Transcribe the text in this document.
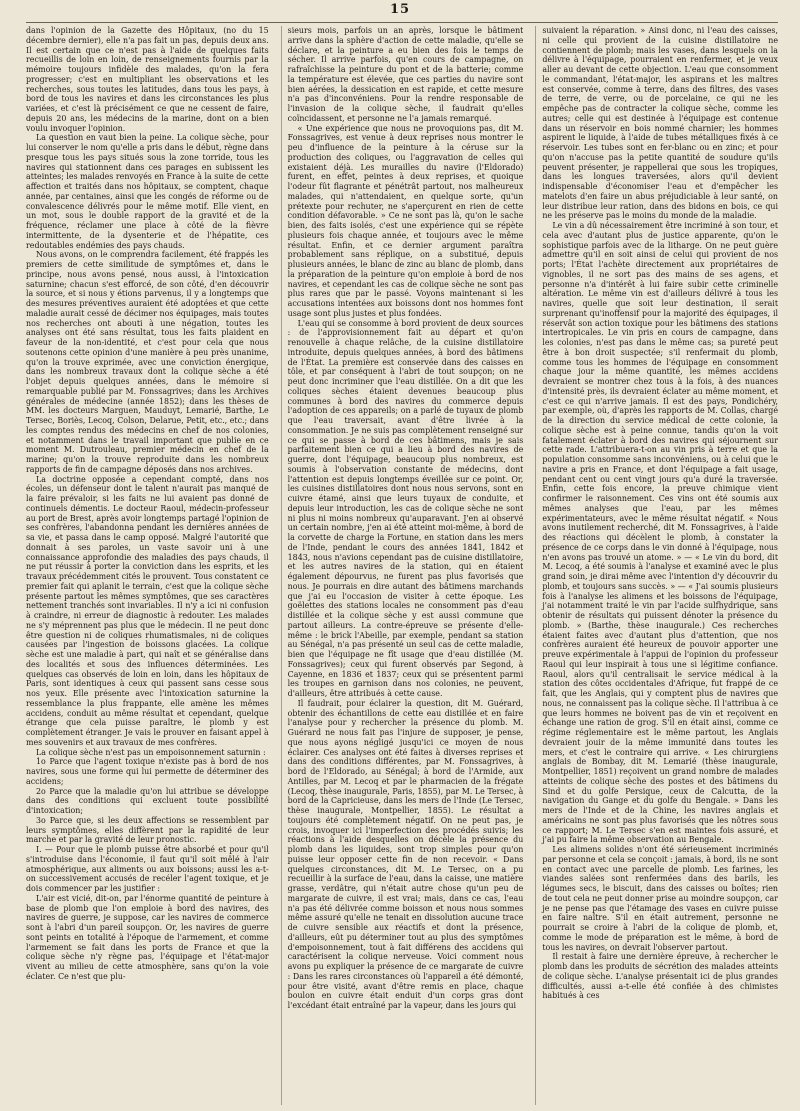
15

dans l'opinion de la Gazette des Hôpitaux, (no du 15 décembre dernier), elle n'a pas fait un pas, depuis deux ans. Il est certain que ce n'est pas à l'aide de quelques faits recueillis de loin en loin, de renseignements fournis par la mémoire toujours infidèle des malades, qu'on la fera progresser; c'est en multipliant les observations et les recherches, sous toutes les latitudes, dans tous les pays, à bord de tous les navires et dans les circonstances les plus variées, et c'est là précisément ce que ne cessent de faire, depuis 20 ans, les médecins de la marine, dont on a bien voulu invoquer l'opinion.

La question en vaut bien la peine. La colique sèche, pour lui conserver le nom qu'elle a pris dans le début, règne dans presque tous les pays situés sous la zone torride, tous les navires qui stationnent dans ces parages en subissent les atteintes; les malades renvoyés en France à la suite de cette affection et traités dans nos hôpitaux, se comptent, chaque année, par centaines, ainsi que les congés de réforme ou de convalescence délivrés pour le même motif. Elle vient, en un mot, sous le double rapport de la gravité et de la fréquence, réclamer une place à côté de la fièvre intermittente, de la dysenterie et de l'hépatite, ces redoutables endémies des pays chauds.

Nous avons, on le comprendra facilement, été frappés les premiers de cette similitude de symptômes et, dans le principe, nous avons pensé, nous aussi, à l'intoxication saturnine; chacun s'est efforcé, de son côté, d'en découvrir la source, et si nous y étions parvenus, il y a longtemps que des mesures préventives auraient été adoptées et que cette maladie aurait cessé de décimer nos équipages, mais toutes nos recherches ont abouti à une négation, toutes les analyses ont été sans résultat, tous les faits plaident en faveur de la non-identité, et c'est pour cela que nous soutenons cette opinion d'une manière à peu près unanime, qu'on la trouve exprimée, avec une conviction énergique, dans les nombreux travaux dont la colique sèche a été l'objet depuis quelques années, dans le mémoire si remarquable publié par M. Fonssagrives; dans les Archives générales de médecine (année 1852); dans les thèses de MM. les docteurs Marguen, Mauduyt, Lemarié, Barthe, Le Tersec, Boriès, Lecoq, Colson, Delarue, Petit, etc., etc.; dans les comptes rendus des médecins en chef de nos colonies, et notamment dans le travail important que publie en ce moment M. Dutrouleau, premier médecin en chef de la marine; qu'on la trouve reproduite dans les nombreux rapports de fin de campagne déposés dans nos archives.

La doctrine opposée a cependant compté, dans nos écoles, un défenseur dont le talent n'aurait pas manqué de la faire prévaloir, si les faits ne lui avaient pas donné de continuels démentis. Le docteur Raoul, médecin-professeur au port de Brest, après avoir longtemps partagé l'opinion de ses confrères, l'abandonna pendant les dernières années de sa vie, et passa dans le camp opposé. Malgré l'autorité que donnait à ses paroles, un vaste savoir uni à une connaissance approfondie des maladies des pays chauds, il ne put réussir à porter la conviction dans les esprits, et les travaux précédemment cités le prouvent. Tous constatent ce premier fait qui aplanit le terrain, c'est que la colique sèche présente partout les mêmes symptômes, que ses caractères nettement tranchés sont invariables. Il n'y a ici ni confusion à craindre, ni erreur de diagnostic à redouter. Les malades ne s'y méprennent pas plus que le médecin. Il ne peut donc être question ni de coliques rhumatismales, ni de coliques causées par l'ingestion de boissons glacées. La colique sèche est une maladie à part, qui naît et se généralise dans des localités et sous des influences déterminées. Les quelques cas observés de loin en loin, dans les hôpitaux de Paris, sont identiques à ceux qui passent sans cesse sous nos yeux. Elle présente avec l'intoxication saturnine la ressemblance la plus frappante, elle amène les mêmes accidens, conduit au même résultat et cependant, quelque étrange que cela puisse paraître, le plomb y est complètement étranger. Je vais le prouver en faisant appel à mes souvenirs et aux travaux de mes confrères.

La colique sèche n'est pas un empoisonnement saturnin :

1o Parce que l'agent toxique n'existe pas à bord de nos navires, sous une forme qui lui permette de déterminer des accidens;

2o Parce que la maladie qu'on lui attribue se développe dans des conditions qui excluent toute possibilité d'intoxication;

3o Parce que, si les deux affections se ressemblent par leurs symptômes, elles diffèrent par la rapidité de leur marche et par la gravité de leur pronostic.

I. — Pour que le plomb puisse être absorbé et pour qu'il s'introduise dans l'économie, il faut qu'il soit mêlé à l'air atmosphérique, aux aliments ou aux boissons; aussi les a-t-on successivement accusés de recéler l'agent toxique, et je dois commencer par les justifier :

L'air est vicié, dit-on, par l'énorme quantité de peinture à base de plomb que l'on emploie à bord des navires, des navires de guerre, je suppose, car les navires de commerce sont à l'abri d'un pareil soupçon. Or, les navires de guerre sont peints en totalité à l'époque de l'armement, et comme l'armement se fait dans les ports de France et que la colique sèche n'y règne pas, l'équipage et l'état-major vivent au milieu de cette atmosphère, sans qu'on la voie éclater. Ce n'est que plu-

sieurs mois, parfois un an après, lorsque le bâtiment arrive dans la sphère d'action de cette maladie, qu'elle se déclare, et la peinture a eu bien des fois le temps de sécher. Il arrive parfois, qu'en cours de campagne, on rafraîchisse la peinture du pont et de la batterie; comme la température est élevée, que ces parties du navire sont bien aérées, la dessication en est rapide, et cette mesure n'a pas d'inconvéniens. Pour la rendre responsable de l'invasion de la colique sèche, il faudrait qu'elles coïncidassent, et personne ne l'a jamais remarqué.

« Une expérience que nous ne provoquions pas, dit M. Fonssagrives, est venue à deux reprises nous montrer le peu d'influence de la peinture à la céruse sur la production des coliques, ou l'aggravation de celles qui existaient déjà. Les murailles du navire (l'Eldorado) furent, en effet, peintes à deux reprises, et quoique l'odeur fût flagrante et pénétrât partout, nos malheureux malades, qui n'attendaient, en quelque sorte, qu'un prétexte pour rechuter, ne s'aperçurent en rien de cette condition défavorable. » Ce ne sont pas là, qu'on le sache bien, des faits isolés, c'est une expérience qui se répète plusieurs fois chaque année, et toujours avec le même résultat. Enfin, et ce dernier argument paraîtra probablement sans réplique, on a substitué, depuis plusieurs années, le blanc de zinc au blanc de plomb, dans la préparation de la peinture qu'on emploie à bord de nos navires, et cependant les cas de colique sèche ne sont pas plus rares que par le passé. Voyons maintenant si les accusations intentées aux boissons dont nos hommes font usage sont plus justes et plus fondées.

L'eau qui se consomme à bord provient de deux sources : de l'approvisionnement fait au départ et qu'on renouvelle à chaque relâche, de la cuisine distillatoire introduite, depuis quelques années, à bord des bâtimens de l'État. La première est conservée dans des caisses en tôle, et par conséquent à l'abri de tout soupçon; on ne peut donc incriminer que l'eau distillée. On a dit que les coliques sèches étaient devenues beaucoup plus communes à bord des navires du commerce depuis l'adoption de ces appareils; on a parlé de tuyaux de plomb que l'eau traversait, avant d'être livrée à la consommation. Je ne suis pas complètement renseigné sur ce qui se passe à bord de ces bâtimens, mais je sais parfaitement bien ce qui a lieu à bord des navires de guerre, dont l'équipage, beaucoup plus nombreux, est soumis à l'observation constante de médecins, dont l'attention est depuis longtemps éveillée sur ce point. Or, les cuisines distillatoires dont nous nous servons, sont en cuivre étamé, ainsi que leurs tuyaux de conduite, et depuis leur introduction, les cas de colique sèche ne sont ni plus ni moins nombreux qu'auparavant. J'en ai observé un certain nombre, j'en ai été atteint moi-même, à bord de la corvette de charge la Fortune, en station dans les mers de l'Inde, pendant le cours des années 1841, 1842 et 1843, nous n'avions cependant pas de cuisine distillatoire, et les autres navires de la station, qui en étaient également dépourvus, ne furent pas plus favorisés que nous. Je pourrais en dire autant des bâtimens marchands que j'ai eu l'occasion de visiter à cette époque. Les goëlettes des stations locales ne consomment pas d'eau distillée et la colique sèche y est aussi commune que partout ailleurs. La contre-épreuve se présente d'elle-même : le brick l'Abeille, par exemple, pendant sa station au Sénégal, n'a pas présenté un seul cas de cette maladie, bien que l'équipage ne fît usage que d'eau distillée (M. Fonssagrives); ceux qui furent observés par Segond, à Cayenne, en 1836 et 1837; ceux qui se présentent parmi les troupes en garnison dans nos colonies, ne peuvent, d'ailleurs, être attribués à cette cause.

Il faudrait, pour éclairer la question, dit M. Guérard, obtenir des échantillons de cette eau distillée et en faire l'analyse pour y rechercher la présence du plomb. M. Guérard ne nous fait pas l'injure de supposer, je pense, que nous ayons négligé jusqu'ici ce moyen de nous éclairer. Ces analyses ont été faites à diverses reprises et dans des conditions différentes, par M. Fonssagrives, à bord de l'Eldorado, au Sénégal; à bord de l'Armide, aux Antilles, par M. Lecoq et par le pharmacien de la frégate (Lecoq, thèse inaugurale, Paris, 1855), par M. Le Tersec, à bord de la Capricieuse, dans les mers de l'Inde (Le Tersec, thèse inaugurale, Montpellier, 1855). Le résultat a toujours été complètement négatif. On ne peut pas, je crois, invoquer ici l'imperfection des procédés suivis; les réactions à l'aide desquelles on décèle la présence du plomb dans les liquides, sont trop simples pour qu'on puisse leur opposer cette fin de non recevoir. « Dans quelques circonstances, dit M. Le Tersec, on a pu recueillir à la surface de l'eau, dans la caisse, une matière grasse, verdâtre, qui n'était autre chose qu'un peu de margarate de cuivre, il est vrai; mais, dans ce cas, l'eau n'a pas été délivrée comme boisson et nous nous sommes même assuré qu'elle ne tenait en dissolution aucune trace de cuivre sensible aux réactifs et dont la présence, d'ailleurs, eût pu déterminer tout au plus des symptômes d'empoisonnement, tout à fait différens des accidens qui caractérisent la colique nerveuse. Voici comment nous avons pu expliquer la présence de ce margarate de cuivre : Dans les rares circonstances où l'appareil a été démonté, pour être visité, avant d'être remis en place, chaque boulon en cuivre était enduit d'un corps gras dont l'excédant était entraîné par la vapeur, dans les jours qui

suivaient la réparation. » Ainsi donc, ni l'eau des caisses, ni celle qui provient de la cuisine distillatoire ne contiennent de plomb; mais les vases, dans lesquels on la délivre à l'équipage, pourraient en renfermer, et je veux aller au devant de cette objection. L'eau que consomment le commandant, l'état-major, les aspirans et les maîtres est conservée, comme à terre, dans des filtres, des vases de terre, de verre, ou de porcelaine, ce qui ne les empêche pas de contracter la colique sèche, comme les autres; celle qui est destinée à l'équipage est contenue dans un réservoir en bois nommé charnier; les hommes aspirent le liquide, à l'aide de tubes métalliques fixés à ce réservoir. Les tubes sont en fer-blanc ou en zinc; et pour qu'on n'accuse pas la petite quantité de soudure qu'ils peuvent présenter, je rappellerai que sous les tropiques, dans les longues traversées, alors qu'il devient indispensable d'économiser l'eau et d'empêcher les matelots d'en faire un abus préjudiciable à leur santé, on leur distribue leur ration, dans des bidons en bois, ce qui ne les préserve pas le moins du monde de la maladie.

Le vin a dû nécessairement être incriminé à son tour, et cela avec d'autant plus de justice apparente, qu'on le sophistique parfois avec de la litharge. On ne peut guère admettre qu'il en soit ainsi de celui qui provient de nos ports; l'État l'achète directement aux propriétaires de vignobles, il ne sort pas des mains de ses agens, et personne n'a d'intérêt à lui faire subir cette criminelle altération. Le même vin est d'ailleurs délivré à tous les navires, quelle que soit leur destination, il serait surprenant qu'inoffensif pour la majorité des équipages, il réservât son action toxique pour les bâtimens des stations intertropicales. Le vin pris en cours de campagne, dans les colonies, n'est pas dans le même cas; sa pureté peut être à bon droit suspectée; s'il renfermait du plomb, comme tous les hommes de l'équipage en consomment chaque jour la même quantité, les mêmes accidens devraient se montrer chez tous à la fois, à des nuances d'intensité près, ils devraient éclater au même moment, et c'est ce qui n'arrive jamais. Il est des pays, Pondichéry, par exemple, où, d'après les rapports de M. Collas, chargé de la direction du service médical de cette colonie, la colique sèche est à peine connue, tandis qu'on la voit fatalement éclater à bord des navires qui séjournent sur cette rade. L'attribuera-t-on au vin pris à terre et que la population consomme sans inconvéniens, ou à celui que le navire a pris en France, et dont l'équipage a fait usage, pendant cent ou cent vingt jours qu'a duré la traversée. Enfin, cette fois encore, la preuve chimique vient confirmer le raisonnement. Ces vins ont été soumis aux mêmes analyses que l'eau, par les mêmes expérimentateurs, avec le même résultat négatif. « Nous avons inutilement recherché, dit M. Fonssagrives, à l'aide des réactions qui décèlent le plomb, à constater la présence de ce corps dans le vin donné à l'équipage, nous n'en avons pas trouvé un atome. » — « Le vin du bord, dit M. Lecoq, a été soumis à l'analyse et examiné avec le plus grand soin, je dirai même avec l'intention d'y découvrir du plomb, et toujours sans succès. » — « J'ai soumis plusieurs fois à l'analyse les alimens et les boissons de l'équipage, j'ai notamment traité le vin par l'acide sulfhydrique, sans obtenir de résultats qui puissent dénoter la présence du plomb. » (Barthe, thèse inaugurale.) Ces recherches étaient faites avec d'autant plus d'attention, que nos confrères auraient été heureux de pouvoir apporter une preuve expérimentale à l'appui de l'opinion du professeur Raoul qui leur inspirait à tous une si légitime confiance. Raoul, alors qu'il centralisait le service médical à la station des côtes occidentales d'Afrique, fut frappé de ce fait, que les Anglais, qui y comptent plus de navires que nous, ne connaissent pas la colique sèche. Il l'attribua à ce que leurs hommes ne boivent pas de vin et reçoivent en échange une ration de grog. S'il en était ainsi, comme ce régime réglementaire est le même partout, les Anglais devraient jouir de la même immunité dans toutes les mers, et c'est le contraire qui arrive. « Les chirurgiens anglais de Bombay, dit M. Lemarié (thèse inaugurale, Montpellier, 1851) reçoivent un grand nombre de malades atteints de colique sèche des postes et des bâtimens du Sind et du golfe Persique, ceux de Calcutta, de la navigation du Gange et du golfe du Bengale. » Dans les mers de l'Inde et de la Chine, les navires anglais et américains ne sont pas plus favorisés que les nôtres sous ce rapport; M. Le Tersec s'en est maintes fois assuré, et j'ai pu faire la même observation au Bengale.

Les alimens solides n'ont été sérieusement incriminés par personne et cela se conçoit : jamais, à bord, ils ne sont en contact avec une parcelle de plomb. Les farines, les viandes salées sont renfermées dans des barils, les légumes secs, le biscuit, dans des caisses ou boîtes; rien de tout cela ne peut donner prise au moindre soupçon, car je ne pense pas que l'étamage des vases en cuivre puisse en faire naître. S'il en était autrement, personne ne pourrait se croire à l'abri de la colique de plomb, et, comme le mode de préparation est le même, à bord de tous les navires, on devrait l'observer partout.

Il restait à faire une dernière épreuve, à rechercher le plomb dans les produits de sécrétion des malades atteints de colique sèche. L'analyse présentait ici de plus grandes difficultés, aussi a-t-elle été confiée à des chimistes habitués à ces
